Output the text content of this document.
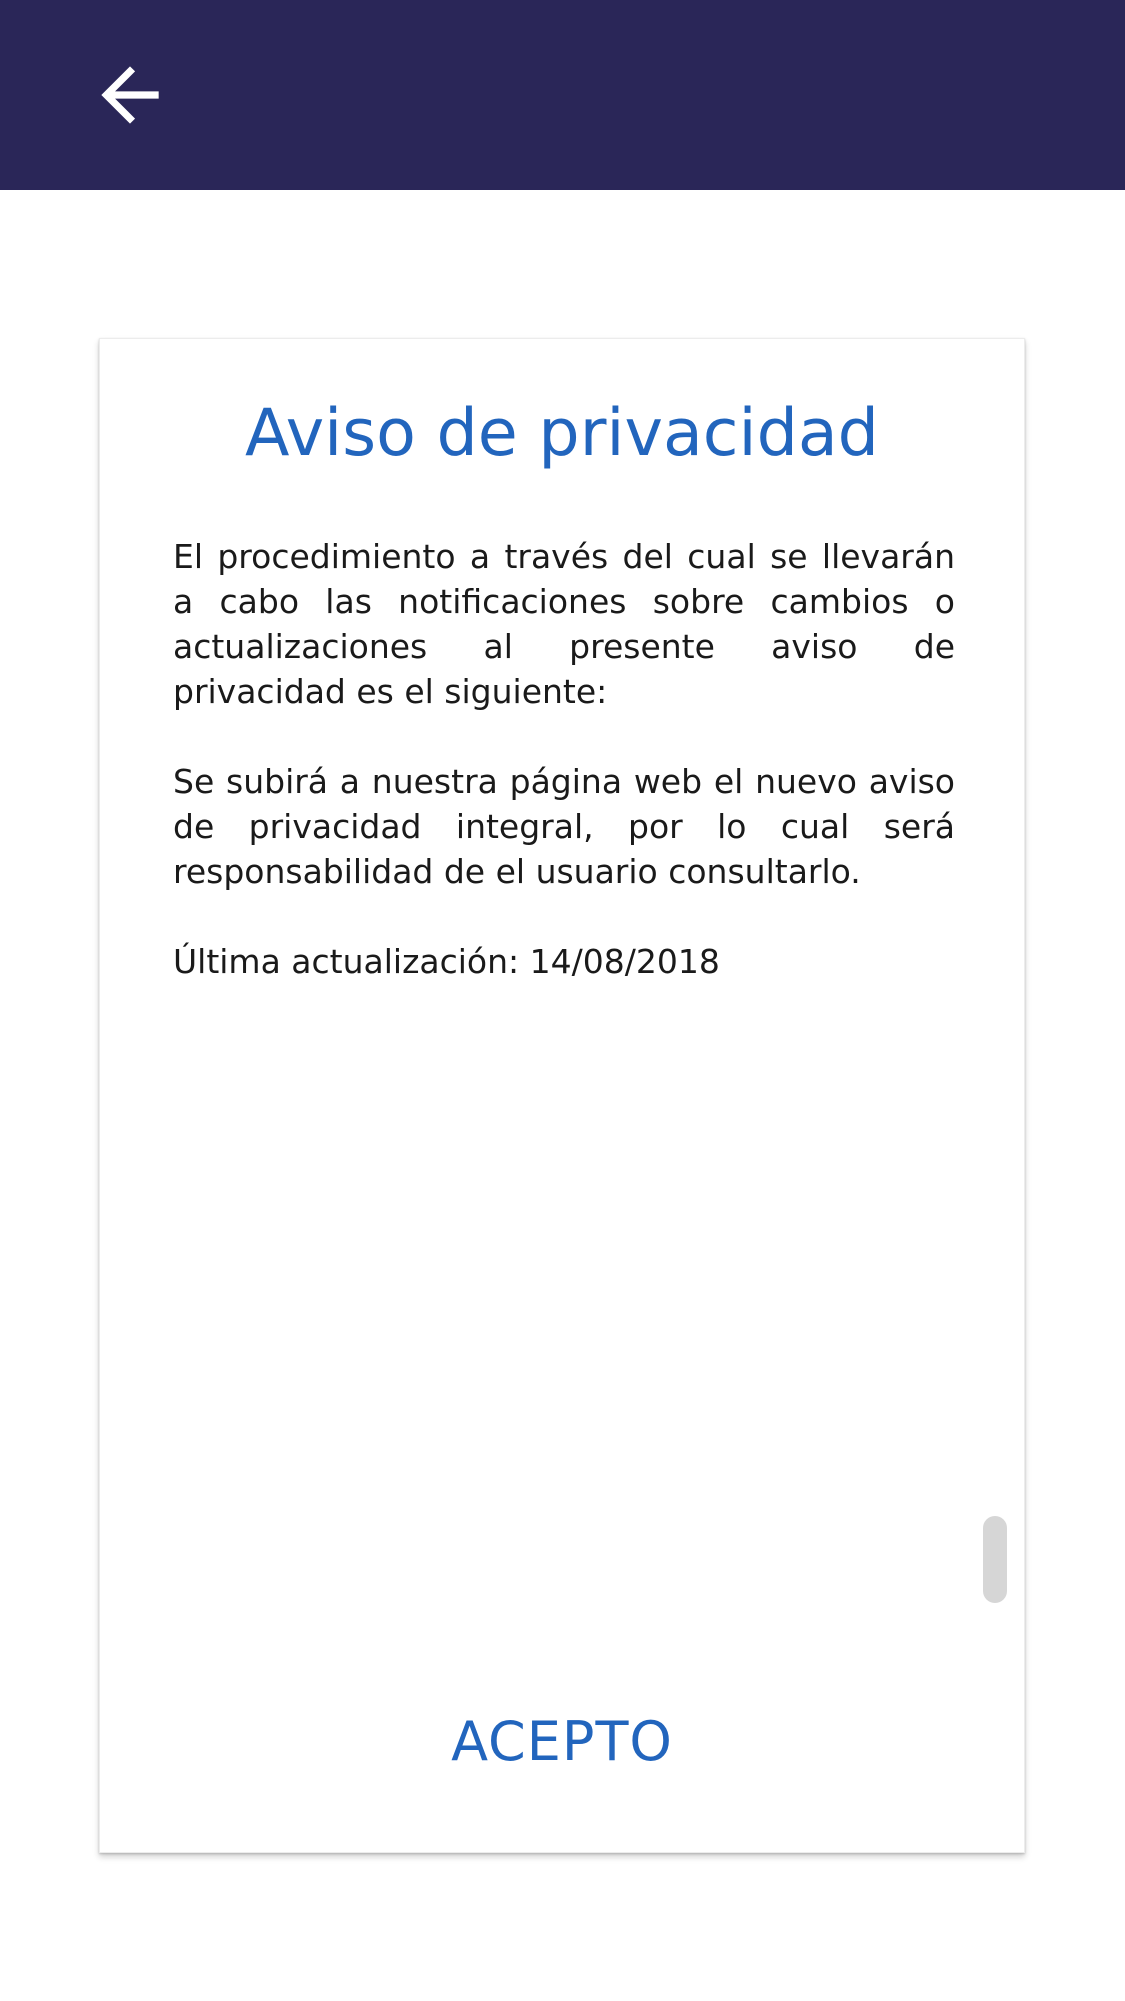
Aviso de privacidad

El procedimiento a través del cual se llevarán a cabo las notificaciones sobre cambios o actualizaciones al presente aviso de privacidad es el siguiente:

Se subirá a nuestra página web el nuevo aviso de privacidad integral, por lo cual será responsabilidad de el usuario consultarlo.

Última actualización: 14/08/2018

ACEPTO
